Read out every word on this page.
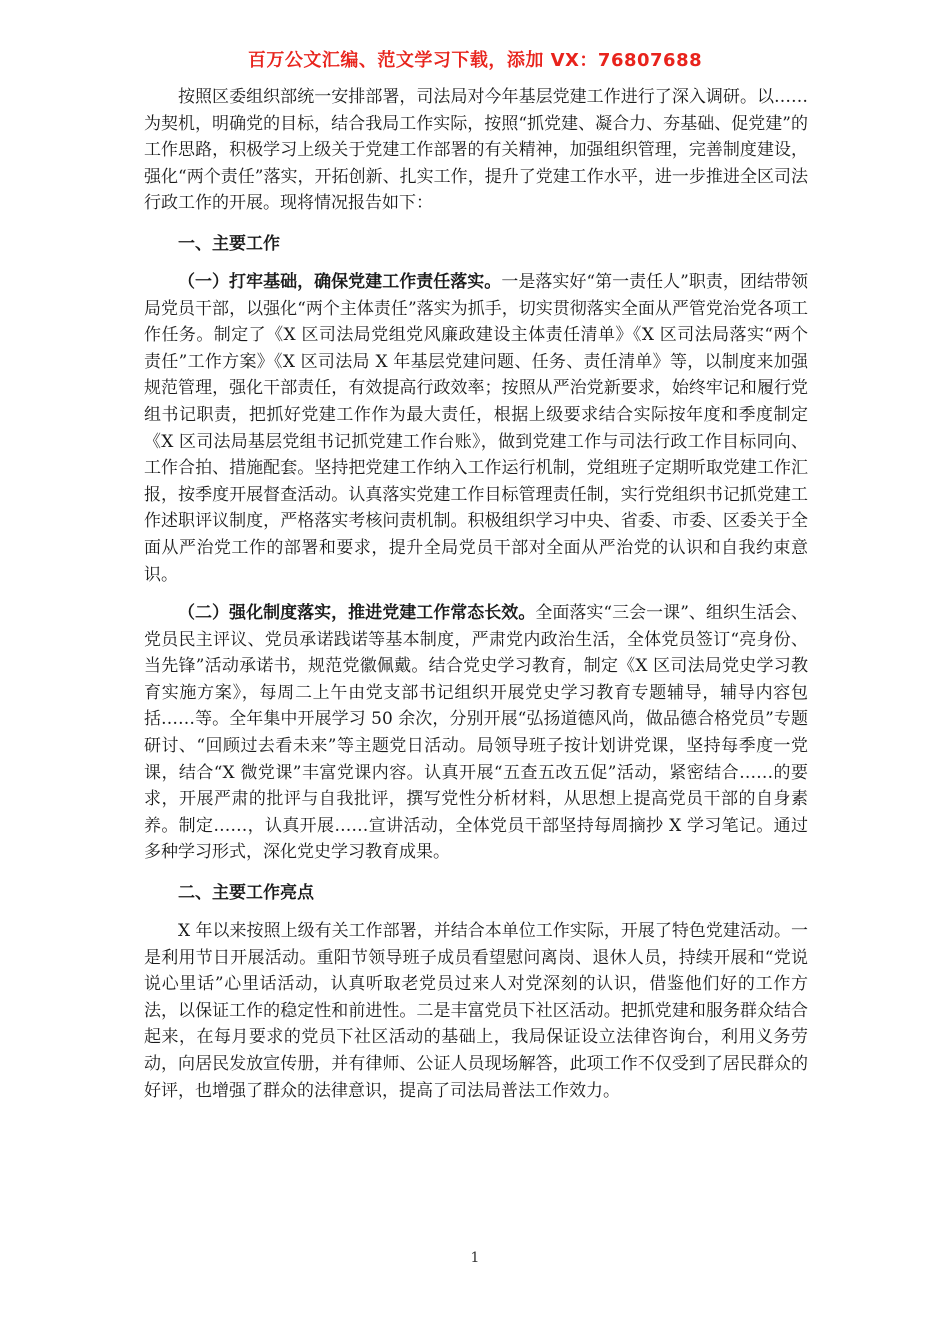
百万公文汇编、范文学习下载，添加 VX：76807688

按照区委组织部统一安排部署，司法局对今年基层党建工作进行了深入调研。以……为契机，明确党的目标，结合我局工作实际，按照“抓党建、凝合力、夯基础、促党建”的工作思路，积极学习上级关于党建工作部署的有关精神，加强组织管理，完善制度建设，强化“两个责任”落实，开拓创新、扎实工作，提升了党建工作水平，进一步推进全区司法行政工作的开展。现将情况报告如下：

一、主要工作

（一）打牢基础，确保党建工作责任落实。一是落实好“第一责任人”职责，团结带领局党员干部，以强化“两个主体责任”落实为抓手，切实贯彻落实全面从严管党治党各项工作任务。制定了《X 区司法局党组党风廉政建设主体责任清单》《X 区司法局落实“两个责任”工作方案》《X 区司法局 X 年基层党建问题、任务、责任清单》等，以制度来加强规范管理，强化干部责任，有效提高行政效率；按照从严治党新要求，始终牢记和履行党组书记职责，把抓好党建工作作为最大责任，根据上级要求结合实际按年度和季度制定《X 区司法局基层党组书记抓党建工作台账》，做到党建工作与司法行政工作目标同向、工作合拍、措施配套。坚持把党建工作纳入工作运行机制，党组班子定期听取党建工作汇报，按季度开展督查活动。认真落实党建工作目标管理责任制，实行党组织书记抓党建工作述职评议制度，严格落实考核问责机制。积极组织学习中央、省委、市委、区委关于全面从严治党工作的部署和要求，提升全局党员干部对全面从严治党的认识和自我约束意识。

（二）强化制度落实，推进党建工作常态长效。全面落实“三会一课”、组织生活会、党员民主评议、党员承诺践诺等基本制度，严肃党内政治生活，全体党员签订“亮身份、当先锋”活动承诺书，规范党徽佩戴。结合党史学习教育，制定《X 区司法局党史学习教育实施方案》，每周二上午由党支部书记组织开展党史学习教育专题辅导，辅导内容包括……等。全年集中开展学习 50 余次，分别开展“弘扬道德风尚，做品德合格党员”专题研讨、“回顾过去看未来”等主题党日活动。局领导班子按计划讲党课，坚持每季度一党课，结合“X 微党课”丰富党课内容。认真开展“五查五改五促”活动，紧密结合……的要求，开展严肃的批评与自我批评，撰写党性分析材料，从思想上提高党员干部的自身素养。制定……，认真开展……宣讲活动，全体党员干部坚持每周摘抄 X 学习笔记。通过多种学习形式，深化党史学习教育成果。

二、主要工作亮点

X 年以来按照上级有关工作部署，并结合本单位工作实际，开展了特色党建活动。一是利用节日开展活动。重阳节领导班子成员看望慰问离岗、退休人员，持续开展和“党说说心里话”心里话活动，认真听取老党员过来人对党深刻的认识，借鉴他们好的工作方法，以保证工作的稳定性和前进性。二是丰富党员下社区活动。把抓党建和服务群众结合起来，在每月要求的党员下社区活动的基础上，我局保证设立法律咨询台，利用义务劳动，向居民发放宣传册，并有律师、公证人员现场解答，此项工作不仅受到了居民群众的好评，也增强了群众的法律意识，提高了司法局普法工作效力。

1
